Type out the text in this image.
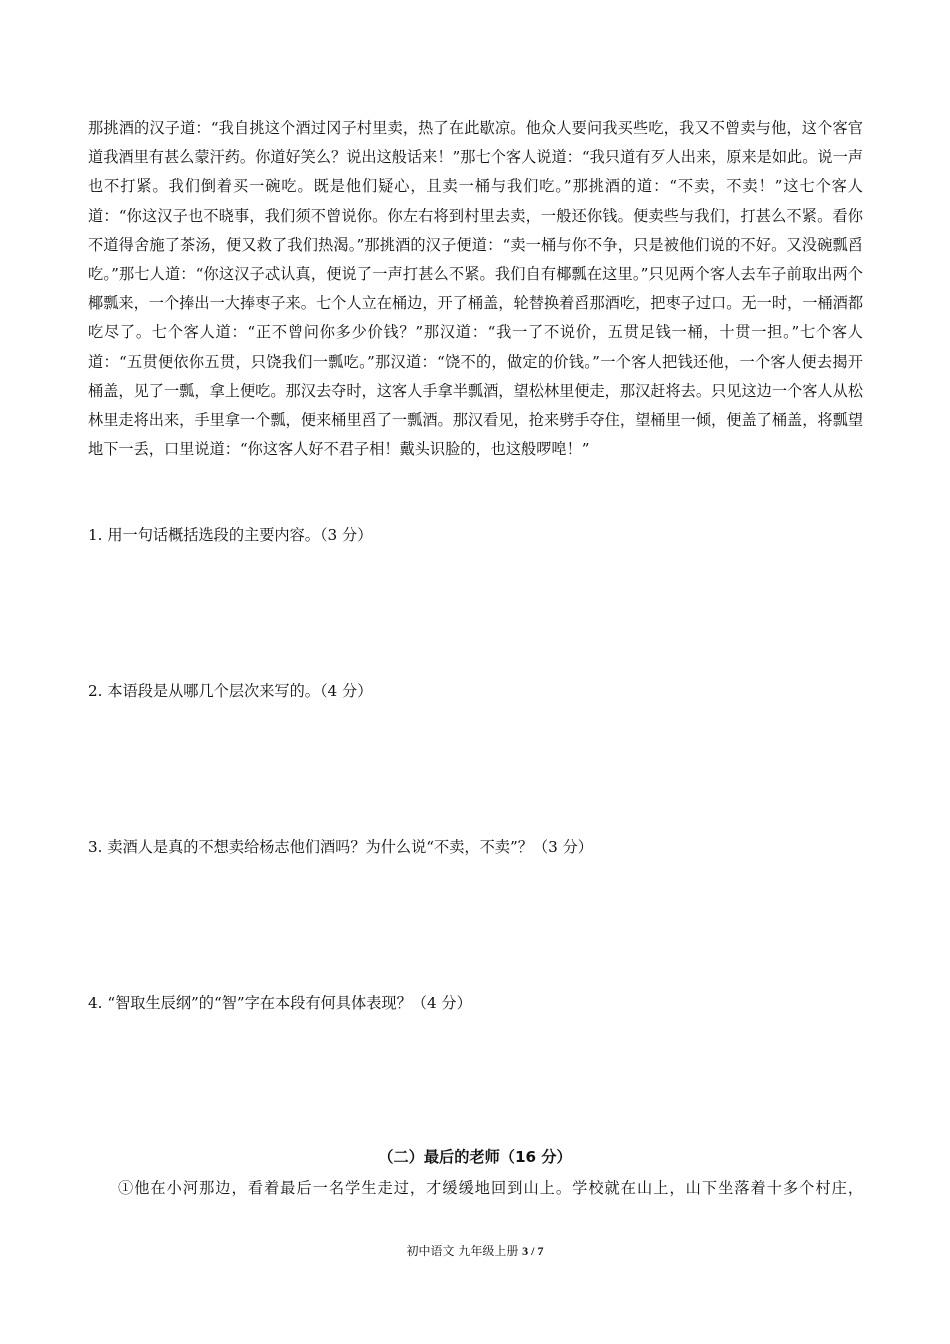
那挑酒的汉子道：“我自挑这个酒过冈子村里卖，热了在此歇凉。他众人要问我买些吃，我又不曾卖与他，这个客官道我酒里有甚么蒙汗药。你道好笑么？说出这般话来！”那七个客人说道：“我只道有歹人出来，原来是如此。说一声也不打紧。我们倒着买一碗吃。既是他们疑心，且卖一桶与我们吃。”那挑酒的道：“不卖，不卖！”这七个客人道：“你这汉子也不晓事，我们须不曾说你。你左右将到村里去卖，一般还你钱。便卖些与我们，打甚么不紧。看你不道得舍施了茶汤，便又救了我们热渴。”那挑酒的汉子便道：“卖一桶与你不争，只是被他们说的不好。又没碗瓢舀吃。”那七人道：“你这汉子忒认真，便说了一声打甚么不紧。我们自有椰瓢在这里。”只见两个客人去车子前取出两个椰瓢来，一个捧出一大捧枣子来。七个人立在桶边，开了桶盖，轮替换着舀那酒吃，把枣子过口。无一时，一桶酒都吃尽了。七个客人道：“正不曾问你多少价钱？”那汉道：“我一了不说价，五贯足钱一桶，十贯一担。”七个客人道：“五贯便依你五贯，只饶我们一瓢吃。”那汉道：“饶不的，做定的价钱。”一个客人把钱还他，一个客人便去揭开桶盖，见了一瓢，拿上便吃。那汉去夺时，这客人手拿半瓢酒，望松林里便走，那汉赶将去。只见这边一个客人从松林里走将出来，手里拿一个瓢，便来桶里舀了一瓢酒。那汉看见，抢来劈手夺住，望桶里一倾，便盖了桶盖，将瓢望地下一丢，口里说道：“你这客人好不君子相！戴头识脸的，也这般啰唣！”

1. 用一句话概括选段的主要内容。（3 分）

2. 本语段是从哪几个层次来写的。（4 分）

3. 卖酒人是真的不想卖给杨志他们酒吗？为什么说“不卖，不卖”？（3 分）

4. “智取生辰纲”的“智”字在本段有何具体表现？（4 分）

（二）最后的老师（16 分）

①他在小河那边，看着最后一名学生走过，才缓缓地回到山上。学校就在山上，山下坐落着十多个村庄，

初中语文 九年级上册 3 / 7
